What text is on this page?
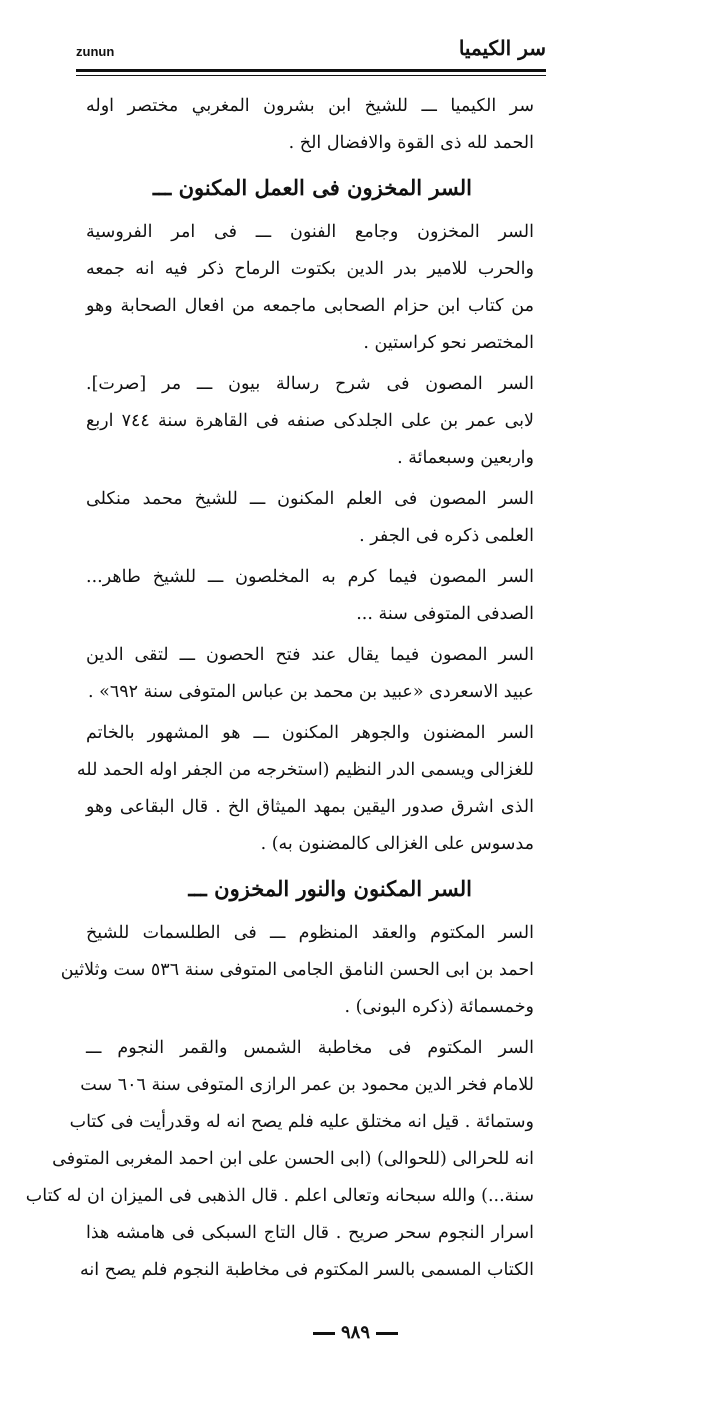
zunun	سر الكيميا
سر الكيميا ـــ للشيخ ابن بشرون المغربي مختصر اوله
الحمد لله ذى القوة والافضال الخ .
السر المخزون فى العمل المكنون ـــ
السر المخزون وجامع الفنون ـــ فى امر الفروسية
والحرب للامير بدر الدين بكتوت الرماح ذكر فيه انه جمعه
من كتاب ابن حزام الصحابى ماجمعه من افعال الصحابة وهو
المختصر نحو كراستين .
السر المصون فى شرح رسالة بيون ـــ مر [صرت].
لابى عمر بن على الجلدكى صنفه فى القاهرة سنة ٧٤٤ اربع
واربعين وسبعمائة .
السر المصون فى العلم المكنون ـــ للشيخ محمد منكلى
العلمى ذكره فى الجفر .
السر المصون فيما كرم به المخلصون ـــ للشيخ طاهر...
الصدفى المتوفى سنة ...
السر المصون فيما يقال عند فتح الحصون ـــ لتقى الدين
عبيد الاسعردى «عبيد بن محمد بن عباس المتوفى سنة ٦٩٢» .
السر المضنون والجوهر المكنون ـــ هو المشهور بالخاتم
للغزالى ويسمى الدر النظيم (استخرجه من الجفر اوله الحمد لله
الذى اشرق صدور اليقين بمهد الميثاق الخ . قال البقاعى وهو
مدسوس على الغزالى كالمضنون به) .
السر المكنون والنور المخزون ـــ
السر المكتوم والعقد المنظوم ـــ فى الطلسمات للشيخ
احمد بن ابى الحسن النامق الجامى المتوفى سنة ٥٣٦ ست وثلاثين
وخمسمائة (ذكره البونى) .
السر المكتوم فى مخاطبة الشمس والقمر النجوم ـــ
للامام فخر الدين محمود بن عمر الرازى المتوفى سنة ٦٠٦ ست
وستمائة . قيل انه مختلق عليه فلم يصح انه له وقدرأيت فى كتاب
انه للحرالى (للحوالى) (ابى الحسن على ابن احمد المغربى المتوفى
سنة...) والله سبحانه وتعالى اعلم . قال الذهبى فى الميزان ان له كتاب
اسرار النجوم سحر صريح . قال التاج السبكى فى هامشه هذا
الكتاب المسمى بالسر المكتوم فى مخاطبة النجوم فلم يصح انه
٩٨٩
